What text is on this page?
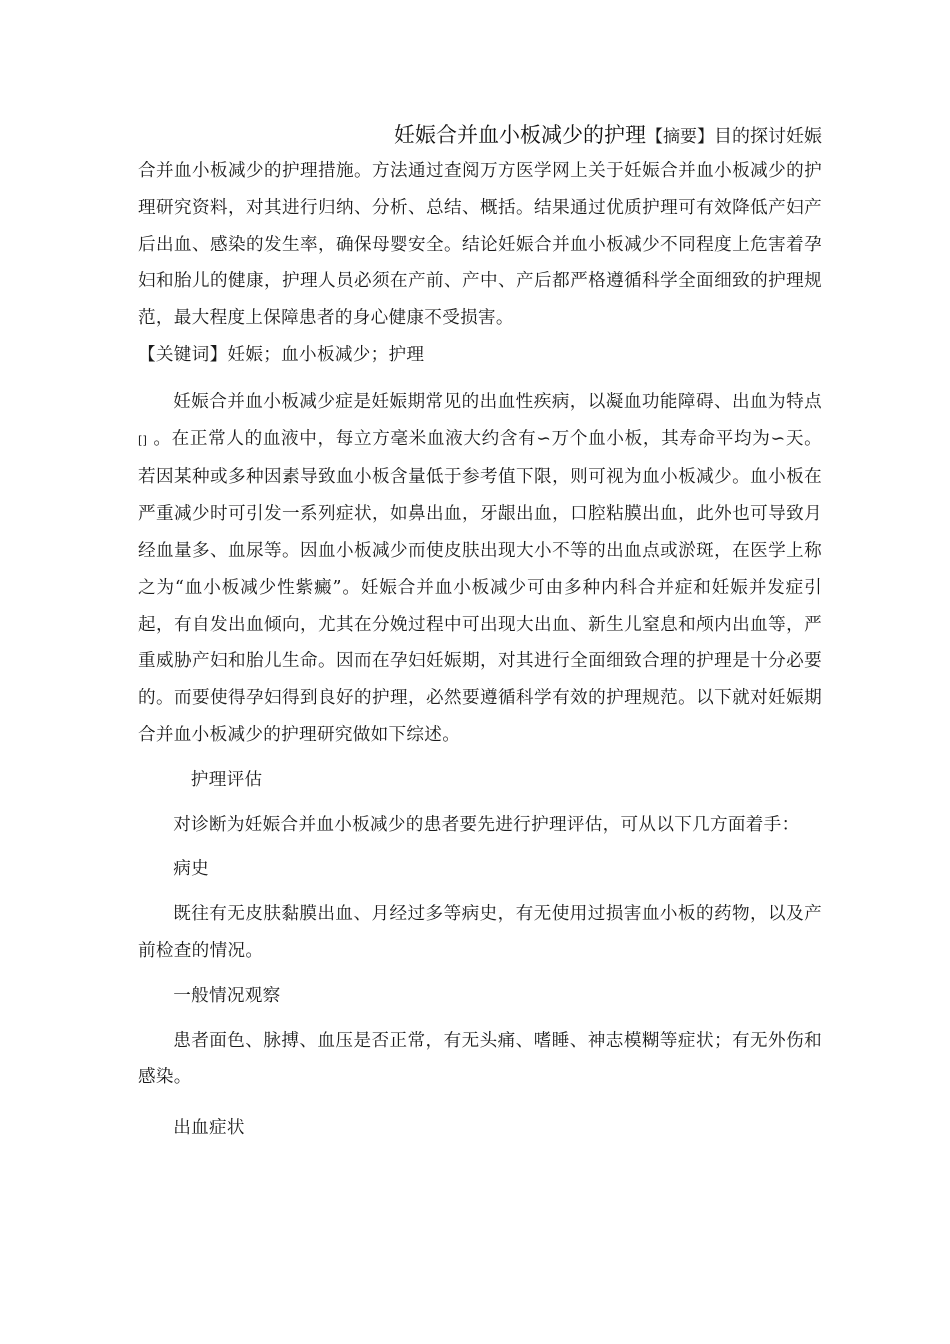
妊娠合并血小板减少的护理【摘要】目的探讨妊娠

合并血小板减少的护理措施。方法通过查阅万方医学网上关于妊娠合并血小板减少的护理研究资料，对其进行归纳、分析、总结、概括。结果通过优质护理可有效降低产妇产后出血、感染的发生率，确保母婴安全。结论妊娠合并血小板减少不同程度上危害着孕妇和胎儿的健康，护理人员必须在产前、产中、产后都严格遵循科学全面细致的护理规范，最大程度上保障患者的身心健康不受损害。

【关键词】妊娠；血小板减少；护理

妊娠合并血小板减少症是妊娠期常见的出血性疾病，以凝血功能障碍、出血为特点 [] 。在正常人的血液中，每立方毫米血液大约含有∽万个血小板，其寿命平均为∽天。若因某种或多种因素导致血小板含量低于参考值下限，则可视为血小板减少。血小板在严重减少时可引发一系列症状，如鼻出血，牙龈出血，口腔粘膜出血，此外也可导致月经血量多、血尿等。因血小板减少而使皮肤出现大小不等的出血点或淤斑，在医学上称之为“血小板减少性紫癜”。妊娠合并血小板减少可由多种内科合并症和妊娠并发症引起，有自发出血倾向，尤其在分娩过程中可出现大出血、新生儿窒息和颅内出血等，严重威胁产妇和胎儿生命。因而在孕妇妊娠期，对其进行全面细致合理的护理是十分必要的。而要使得孕妇得到良好的护理，必然要遵循科学有效的护理规范。以下就对妊娠期合并血小板减少的护理研究做如下综述。

护理评估

对诊断为妊娠合并血小板减少的患者要先进行护理评估，可从以下几方面着手：

病史

既往有无皮肤黏膜出血、月经过多等病史，有无使用过损害血小板的药物，以及产前检查的情况。

一般情况观察

患者面色、脉搏、血压是否正常，有无头痛、嗜睡、神志模糊等症状；有无外伤和感染。

出血症状
